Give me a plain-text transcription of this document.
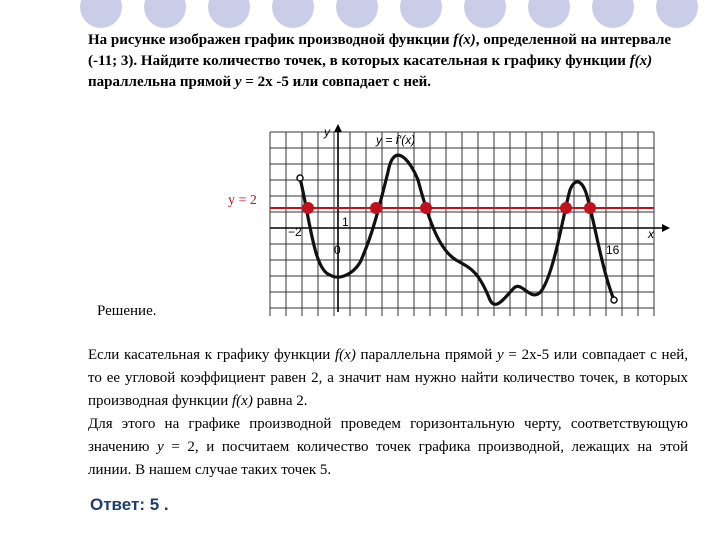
На рисунке изображен график производной функции f(x), определенной на интервале (-11; 3). Найдите количество точек, в которых касательная к графику функции f(x) параллельна прямой y = 2x -5 или совпадает с ней.

y
x
y = f′(x)
y = 2
−2
1
0	16

Решение.

Если касательная к графику функции f(x) параллельна прямой y = 2x-5 или совпадает с ней, то ее угловой коэффициент равен 2, а значит нам нужно найти количество точек, в которых производная функции f(x) равна 2.
Для этого на графике производной проведем горизонтальную черту, соответствующую значению y = 2, и посчитаем количество точек графика производной, лежащих на этой линии. В нашем случае таких точек 5.

Ответ: 5 .
